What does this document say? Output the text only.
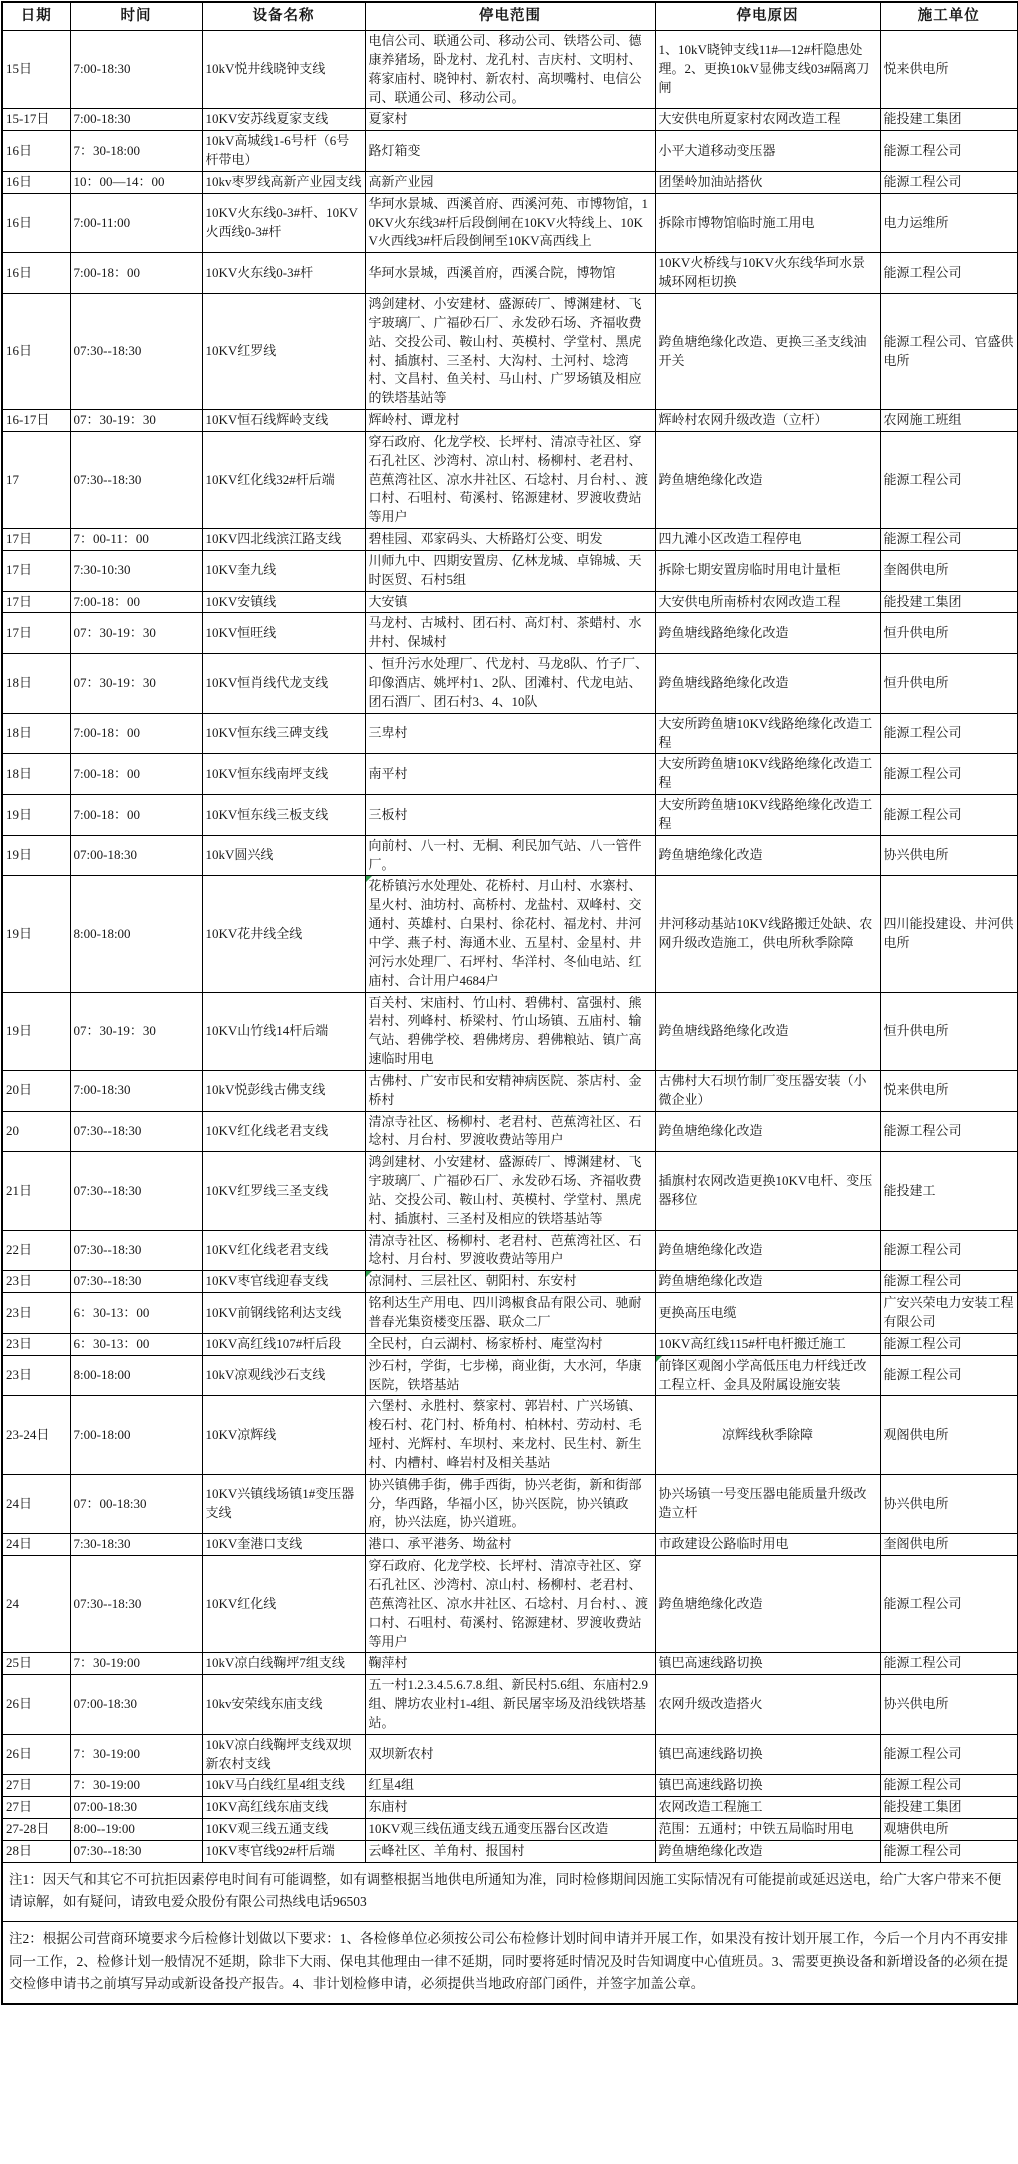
日期	时间	设备名称	停电范围	停电原因	施工单位
15日	7:00-18:30	10kV悦井线晓钟支线	电信公司、联通公司、移动公司、铁塔公司、德康养猪场，卧龙村、龙孔村、吉庆村、文明村、蒋家庙村、晓钟村、新农村、高坝嘴村、电信公司、联通公司、移动公司。	1、10kV晓钟支线11#—12#杆隐患处理。2、更换10kV显佛支线03#隔离刀闸	悦来供电所
15-17日	7:00-18:30	10KV安苏线夏家支线	夏家村	大安供电所夏家村农网改造工程	能投建工集团
16日	7：30-18:00	10kV高城线1-6号杆（6号杆带电）	路灯箱变	小平大道移动变压器	能源工程公司
16日	10：00—14：00	10kv枣罗线高新产业园支线	高新产业园	团堡岭加油站搭伙	能源工程公司
16日	7:00-11:00	10KV火东线0-3#杆、10KV火西线0-3#杆	华珂水景城、西溪首府、西溪河苑、市博物馆，10KV火东线3#杆后段倒闸在10KV火特线上、10KV火西线3#杆后段倒闸至10KV高西线上	拆除市博物馆临时施工用电	电力运维所
16日	7:00-18：00	10KV火东线0-3#杆	华珂水景城，西溪首府，西溪合院，博物馆	10KV火桥线与10KV火东线华珂水景城环网柜切换	能源工程公司
16日	07:30--18:30	10KV红罗线	鸿剑建材、小安建材、盛源砖厂、博渊建材、飞宇玻璃厂、广福砂石厂、永发砂石场、齐福收费站、交投公司、鞍山村、英模村、学堂村、黑虎村、插旗村、三圣村、大沟村、土河村、埝湾村、文昌村、鱼关村、马山村、广罗场镇及相应的铁塔基站等	跨鱼塘绝缘化改造、更换三圣支线油开关	能源工程公司、官盛供电所
16-17日	07：30-19：30	10KV恒石线辉岭支线	辉岭村、谭龙村	辉岭村农网升级改造（立杆）	农网施工班组
17	07:30--18:30	10KV红化线32#杆后端	穿石政府、化龙学校、长坪村、清凉寺社区、穿石孔社区、沙湾村、凉山村、杨柳村、老君村、芭蕉湾社区、凉水井社区、石埝村、月台村、、渡口村、石咀村、荀溪村、铭源建材、罗渡收费站等用户	跨鱼塘绝缘化改造	能源工程公司
17日	7：00-11：00	10KV四北线滨江路支线	碧桂园、邓家码头、大桥路灯公变、明发	四九滩小区改造工程停电	能源工程公司
17日	7:30-10:30	10KV奎九线	川师九中、四期安置房、亿林龙城、卓锦城、天时医贸、石村5组	拆除七期安置房临时用电计量柜	奎阁供电所
17日	7:00-18：00	10KV安镇线	大安镇	大安供电所南桥村农网改造工程	能投建工集团
17日	07：30-19：30	10KV恒旺线	马龙村、古城村、团石村、高灯村、茶蜡村、水井村、保城村	跨鱼塘线路绝缘化改造	恒升供电所
18日	07：30-19：30	10KV恒肖线代龙支线	、恒升污水处理厂、代龙村、马龙8队、竹子厂、印像酒店、姚坪村1、2队、团滩村、代龙电站、团石酒厂、团石村3、4、10队	跨鱼塘线路绝缘化改造	恒升供电所
18日	7:00-18：00	10KV恒东线三碑支线	三卑村	大安所跨鱼塘10KV线路绝缘化改造工程	能源工程公司
18日	7:00-18：00	10KV恒东线南坪支线	南平村	大安所跨鱼塘10KV线路绝缘化改造工程	能源工程公司
19日	7:00-18：00	10KV恒东线三板支线	三板村	大安所跨鱼塘10KV线路绝缘化改造工程	能源工程公司
19日	07:00-18:30	10kV圆兴线	向前村、八一村、无桐、利民加气站、八一管件厂。	跨鱼塘绝缘化改造	协兴供电所
19日	8:00-18:00	10KV花井线全线	花桥镇污水处理处、花桥村、月山村、水寨村、星火村、油坊村、高桥村、龙盐村、双峰村、交通村、英雄村、白果村、徐花村、福龙村、井河中学、燕子村、海通木业、五星村、金星村、井河污水处理厂、石坪村、华洋村、冬仙电站、红庙村、合计用户4684户	井河移动基站10KV线路搬迁处缺、农网升级改造施工，供电所秋季除障	四川能投建设、井河供电所
19日	07：30-19：30	10KV山竹线14杆后端	百关村、宋庙村、竹山村、碧佛村、富强村、熊岩村、列峰村、桥梁村、竹山场镇、五庙村、输气站、碧佛学校、碧佛烤房、碧佛粮站、镇广高速临时用电	跨鱼塘线路绝缘化改造	恒升供电所
20日	7:00-18:30	10kV悦彭线古佛支线	古佛村、广安市民和安精神病医院、茶店村、金桥村	古佛村大石坝竹制厂变压器安装（小微企业）	悦来供电所
20	07:30--18:30	10KV红化线老君支线	清凉寺社区、杨柳村、老君村、芭蕉湾社区、石埝村、月台村、罗渡收费站等用户	跨鱼塘绝缘化改造	能源工程公司
21日	07:30--18:30	10KV红罗线三圣支线	鸿剑建材、小安建材、盛源砖厂、博渊建材、飞宇玻璃厂、广福砂石厂、永发砂石场、齐福收费站、交投公司、鞍山村、英模村、学堂村、黑虎村、插旗村、三圣村及相应的铁塔基站等	插旗村农网改造更换10KV电杆、变压器移位	能投建工
22日	07:30--18:30	10KV红化线老君支线	清凉寺社区、杨柳村、老君村、芭蕉湾社区、石埝村、月台村、罗渡收费站等用户	跨鱼塘绝缘化改造	能源工程公司
23日	07:30--18:30	10KV枣官线迎春支线	凉洞村、三层社区、朝阳村、东安村	跨鱼塘绝缘化改造	能源工程公司
23日	6：30-13：00	10KV前钢线铭利达支线	铭利达生产用电、四川鸿椒食品有限公司、驰耐普春光集资楼变压器、联众二厂	更换高压电缆	广安兴荣电力安装工程有限公司
23日	6：30-13：00	10KV高红线107#杆后段	全民村，白云湖村、杨家桥村、庵堂沟村	10KV高红线115#杆电杆搬迁施工	能源工程公司
23日	8:00-18:00	10kV凉观线沙石支线	沙石村，学街，七步梯，商业街，大水河，华康医院，铁塔基站	前锋区观阁小学高低压电力杆线迁改工程立杆、金具及附属设施安装	能源工程公司
23-24日	7:00-18:00	10KV凉辉线	六堡村、永胜村、蔡家村、郭岩村、广兴场镇、梭石村、花门村、桥角村、柏林村、劳动村、毛垭村、光辉村、车坝村、来龙村、民生村、新生村、内槽村、峰岩村及相关基站	凉辉线秋季除障	观阁供电所
24日	07：00-18:30	10KV兴镇线场镇1#变压器支线	协兴镇佛手街，佛手西街，协兴老街，新和街部分，华西路，华福小区，协兴医院，协兴镇政府，协兴法庭，协兴道班。	协兴场镇一号变压器电能质量升级改造立杆	协兴供电所
24日	7:30-18:30	10KV奎港口支线	港口、承平港务、坳盆村	市政建设公路临时用电	奎阁供电所
24	07:30--18:30	10KV红化线	穿石政府、化龙学校、长坪村、清凉寺社区、穿石孔社区、沙湾村、凉山村、杨柳村、老君村、芭蕉湾社区、凉水井社区、石埝村、月台村、、渡口村、石咀村、荀溪村、铭源建材、罗渡收费站等用户	跨鱼塘绝缘化改造	能源工程公司
25日	7：30-19:00	10kV凉白线鞠坪7组支线	鞠萍村	镇巴高速线路切换	能源工程公司
26日	07:00-18:30	10kv安荣线东庙支线	五一村1.2.3.4.5.6.7.8.组、新民村5.6组、东庙村2.9组、牌坊农业村1-4组、新民屠宰场及沿线铁塔基站。	农网升级改造搭火	协兴供电所
26日	7：30-19:00	10kV凉白线鞠坪支线双坝新农村支线	双坝新农村	镇巴高速线路切换	能源工程公司
27日	7：30-19:00	10kV马白线红星4组支线	红星4组	镇巴高速线路切换	能源工程公司
27日	07:00-18:30	10KV高红线东庙支线	东庙村	农网改造工程施工	能投建工集团
27-28日	8:00--19:00	10KV观三线五通支线	10KV观三线伍通支线五通变压器台区改造	范围：五通村；中铁五局临时用电	观塘供电所
28日	07:30--18:30	10KV枣官线92#杆后端	云峰社区、羊角村、报国村	跨鱼塘绝缘化改造	能源工程公司
注1：因天气和其它不可抗拒因素停电时间有可能调整，如有调整根据当地供电所通知为准，同时检修期间因施工实际情况有可能提前或延迟送电，给广大客户带来不便请谅解，如有疑问，请致电爱众股份有限公司热线电话96503					
注2：根据公司营商环境要求今后检修计划做以下要求：1、各检修单位必须按公司公布检修计划时间申请并开展工作，如果没有按计划开展工作，今后一个月内不再安排同一工作，2、检修计划一般情况不延期，除非下大雨、保电其他理由一律不延期，同时要将延时情况及时告知调度中心值班员。3、需要更换设备和新增设备的必须在提交检修申请书之前填写异动或新设备投产报告。4、非计划检修申请，必须提供当地政府部门函件，并签字加盖公章。					
